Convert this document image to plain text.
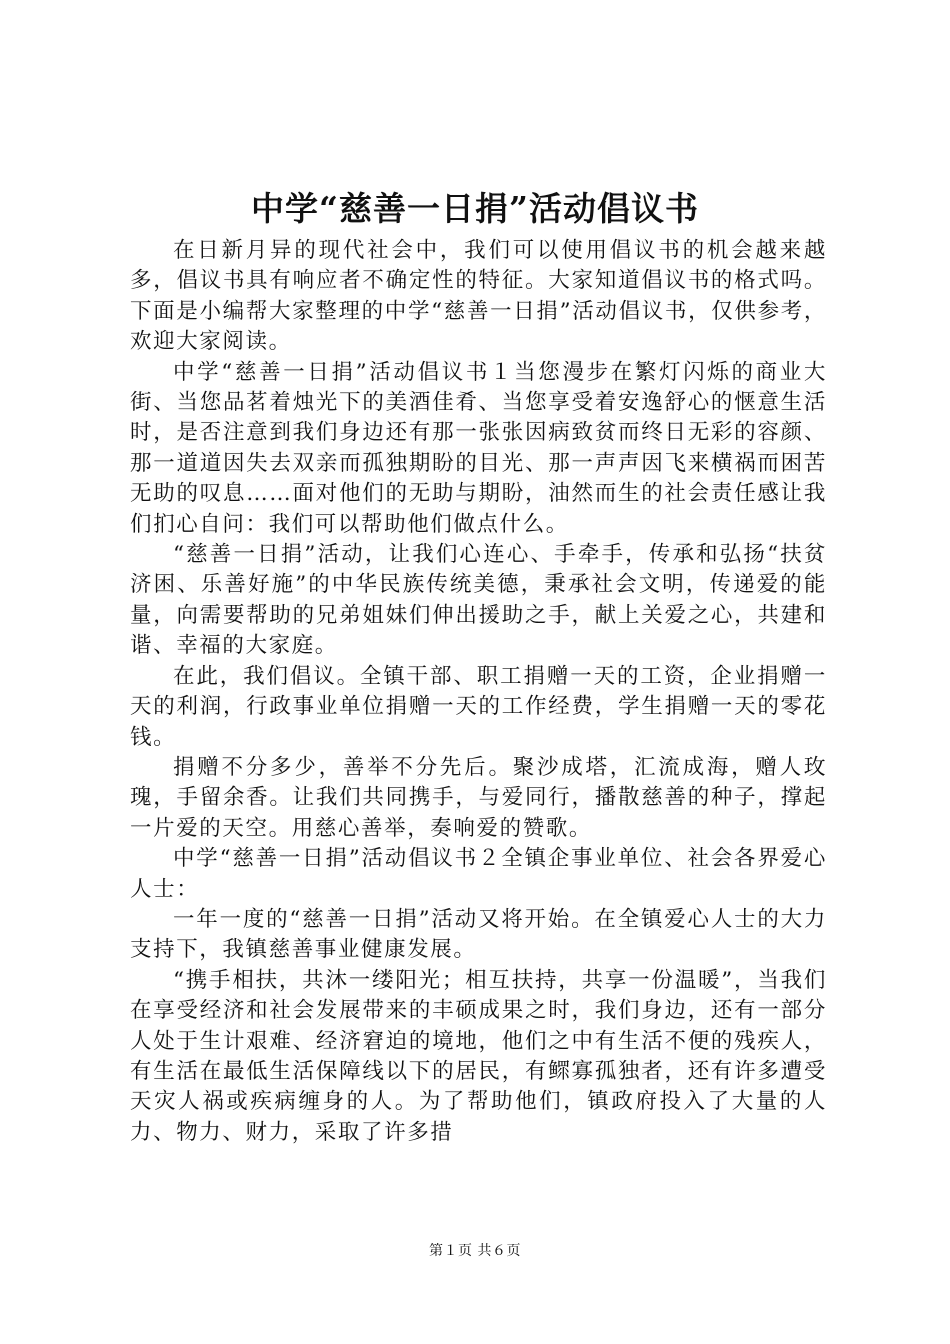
中学“慈善一日捐”活动倡议书

在日新月异的现代社会中，我们可以使用倡议书的机会越来越多，倡议书具有响应者不确定性的特征。大家知道倡议书的格式吗。下面是小编帮大家整理的中学“慈善一日捐”活动倡议书，仅供参考，欢迎大家阅读。

中学“慈善一日捐”活动倡议书１当您漫步在繁灯闪烁的商业大街、当您品茗着烛光下的美酒佳肴、当您享受着安逸舒心的惬意生活时，是否注意到我们身边还有那一张张因病致贫而终日无彩的容颜、那一道道因失去双亲而孤独期盼的目光、那一声声因飞来横祸而困苦无助的叹息……面对他们的无助与期盼，油然而生的社会责任感让我们扪心自问：我们可以帮助他们做点什么。

“慈善一日捐”活动，让我们心连心、手牵手，传承和弘扬“扶贫济困、乐善好施”的中华民族传统美德，秉承社会文明，传递爱的能量，向需要帮助的兄弟姐妹们伸出援助之手，献上关爱之心，共建和谐、幸福的大家庭。

在此，我们倡议。全镇干部、职工捐赠一天的工资，企业捐赠一天的利润，行政事业单位捐赠一天的工作经费，学生捐赠一天的零花钱。

捐赠不分多少，善举不分先后。聚沙成塔，汇流成海，赠人玫瑰，手留余香。让我们共同携手，与爱同行，播散慈善的种子，撑起一片爱的天空。用慈心善举，奏响爱的赞歌。

中学“慈善一日捐”活动倡议书２全镇企事业单位、社会各界爱心人士：

一年一度的“慈善一日捐”活动又将开始。在全镇爱心人士的大力支持下，我镇慈善事业健康发展。

“携手相扶，共沐一缕阳光；相互扶持，共享一份温暖”，当我们在享受经济和社会发展带来的丰硕成果之时，我们身边，还有一部分人处于生计艰难、经济窘迫的境地，他们之中有生活不便的残疾人，有生活在最低生活保障线以下的居民，有鳏寡孤独者，还有许多遭受天灾人祸或疾病缠身的人。为了帮助他们，镇政府投入了大量的人力、物力、财力，采取了许多措

第１页 共６页
